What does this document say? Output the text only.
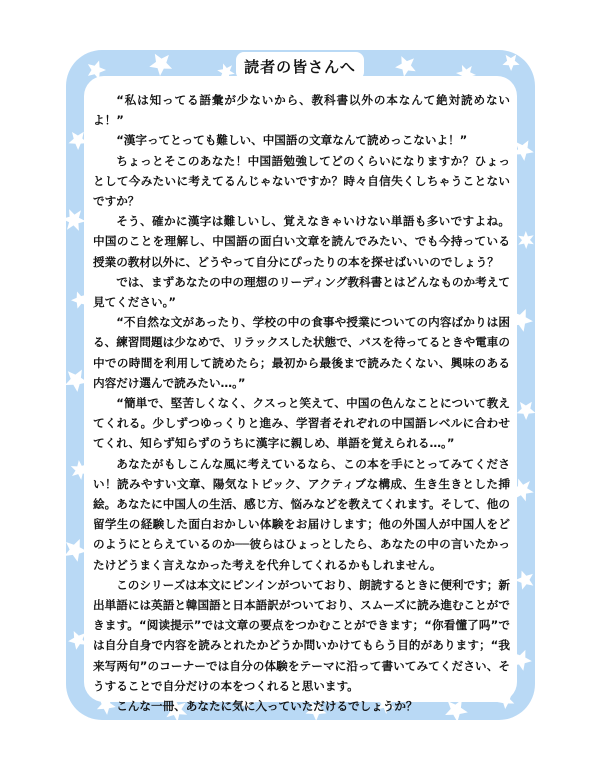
読者の皆さんへ

“私は知ってる語彙が少ないから、教科書以外の本なんて絶対読めないよ！”

“漢字ってとっても難しい、中国語の文章なんて読めっこないよ！”

ちょっとそこのあなた！中国語勉強してどのくらいになりますか？ひょっとして今みたいに考えてるんじゃないですか？時々自信失くしちゃうことないですか？

そう、確かに漢字は難しいし、覚えなきゃいけない単語も多いですよね。中国のことを理解し、中国語の面白い文章を読んでみたい、でも今持っている授業の教材以外に、どうやって自分にぴったりの本を探せばいいのでしょう？

では、まずあなたの中の理想のリーディング教科書とはどんなものか考えて見てください。”

“不自然な文があったり、学校の中の食事や授業についての内容ばかりは困る、練習問題は少なめで、リラックスした状態で、バスを待ってるときや電車の中での時間を利用して読めたら；最初から最後まで読みたくない、興味のある内容だけ選んで読みたい…。”

“簡単で、堅苦しくなく、クスっと笑えて、中国の色んなことについて教えてくれる。少しずつゆっくりと進み、学習者それぞれの中国語レベルに合わせてくれ、知らず知らずのうちに漢字に親しめ、単語を覚えられる…。”

あなたがもしこんな風に考えているなら、この本を手にとってみてください！読みやすい文章、陽気なトピック、アクティブな構成、生き生きとした挿絵。あなたに中国人の生活、感じ方、悩みなどを教えてくれます。そして、他の留学生の経験した面白おかしい体験をお届けします；他の外国人が中国人をどのようにとらえているのか──彼らはひょっとしたら、あなたの中の言いたかったけどうまく言えなかった考えを代弁してくれるかもしれません。

このシリーズは本文にピンインがついており、朗読するときに便利です；新出単語には英語と韓国語と日本語訳がついており、スムーズに読み進むことができます。“阅读提示”では文章の要点をつかむことができます；“你看懂了吗”では自分自身で内容を読みとれたかどうか問いかけてもらう目的があります；“我来写两句”のコーナーでは自分の体験をテーマに沿って書いてみてください、そうすることで自分だけの本をつくれると思います。

こんな一冊、あなたに気に入っていただけるでしょうか？
